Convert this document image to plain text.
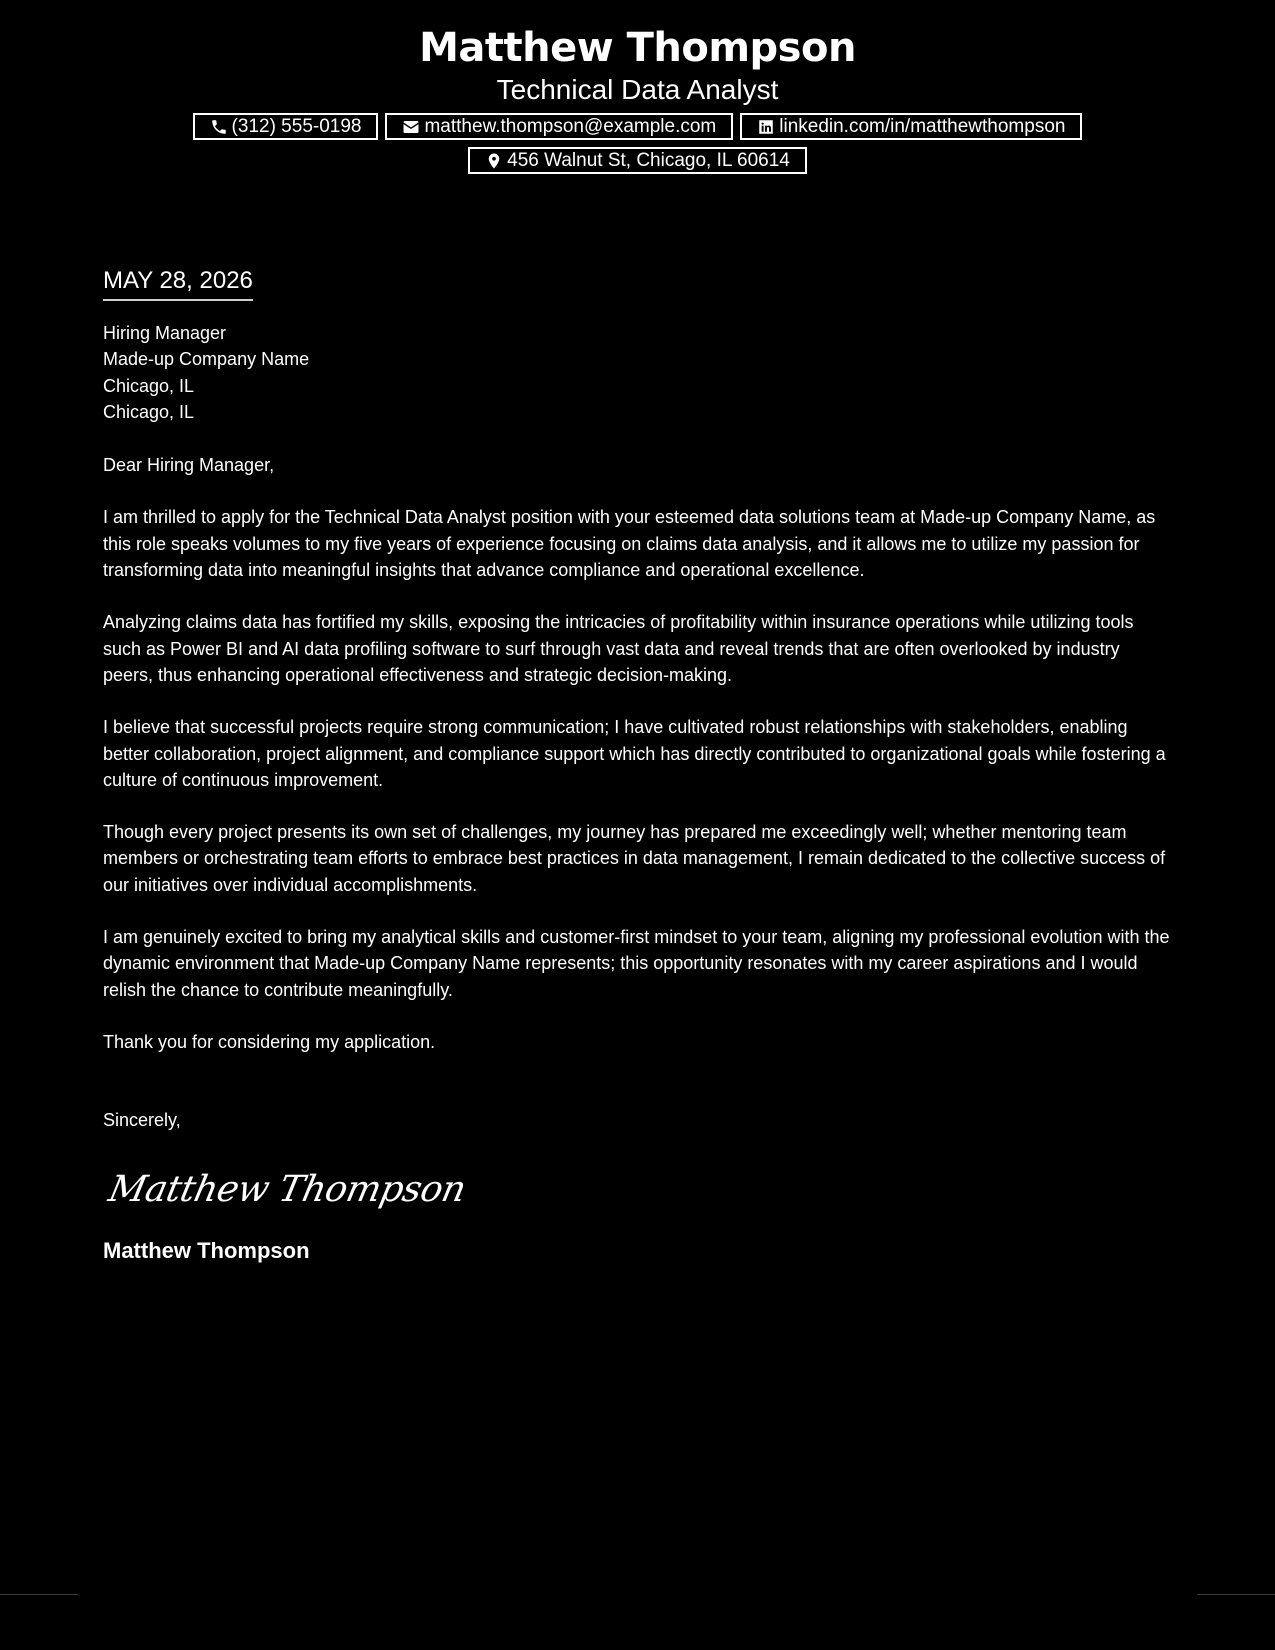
Matthew Thompson
Technical Data Analyst
(312) 555-0198	matthew.thompson@example.com	linkedin.com/in/matthewthompson
456 Walnut St, Chicago, IL 60614
MAY 28, 2026
Hiring Manager
Made-up Company Name
Chicago, IL
Chicago, IL
Dear Hiring Manager,

I am thrilled to apply for the Technical Data Analyst position with your esteemed data solutions team at Made-up Company Name, as this role speaks volumes to my five years of experience focusing on claims data analysis, and it allows me to utilize my passion for transforming data into meaningful insights that advance compliance and operational excellence.

Analyzing claims data has fortified my skills, exposing the intricacies of profitability within insurance operations while utilizing tools such as Power BI and AI data profiling software to surf through vast data and reveal trends that are often overlooked by industry peers, thus enhancing operational effectiveness and strategic decision-making.

I believe that successful projects require strong communication; I have cultivated robust relationships with stakeholders, enabling better collaboration, project alignment, and compliance support which has directly contributed to organizational goals while fostering a culture of continuous improvement.

Though every project presents its own set of challenges, my journey has prepared me exceedingly well; whether mentoring team members or orchestrating team efforts to embrace best practices in data management, I remain dedicated to the collective success of our initiatives over individual accomplishments.

I am genuinely excited to bring my analytical skills and customer-first mindset to your team, aligning my professional evolution with the dynamic environment that Made-up Company Name represents; this opportunity resonates with my career aspirations and I would relish the chance to contribute meaningfully.

Thank you for considering my application.

Sincerely,
Matthew Thompson
Matthew Thompson
